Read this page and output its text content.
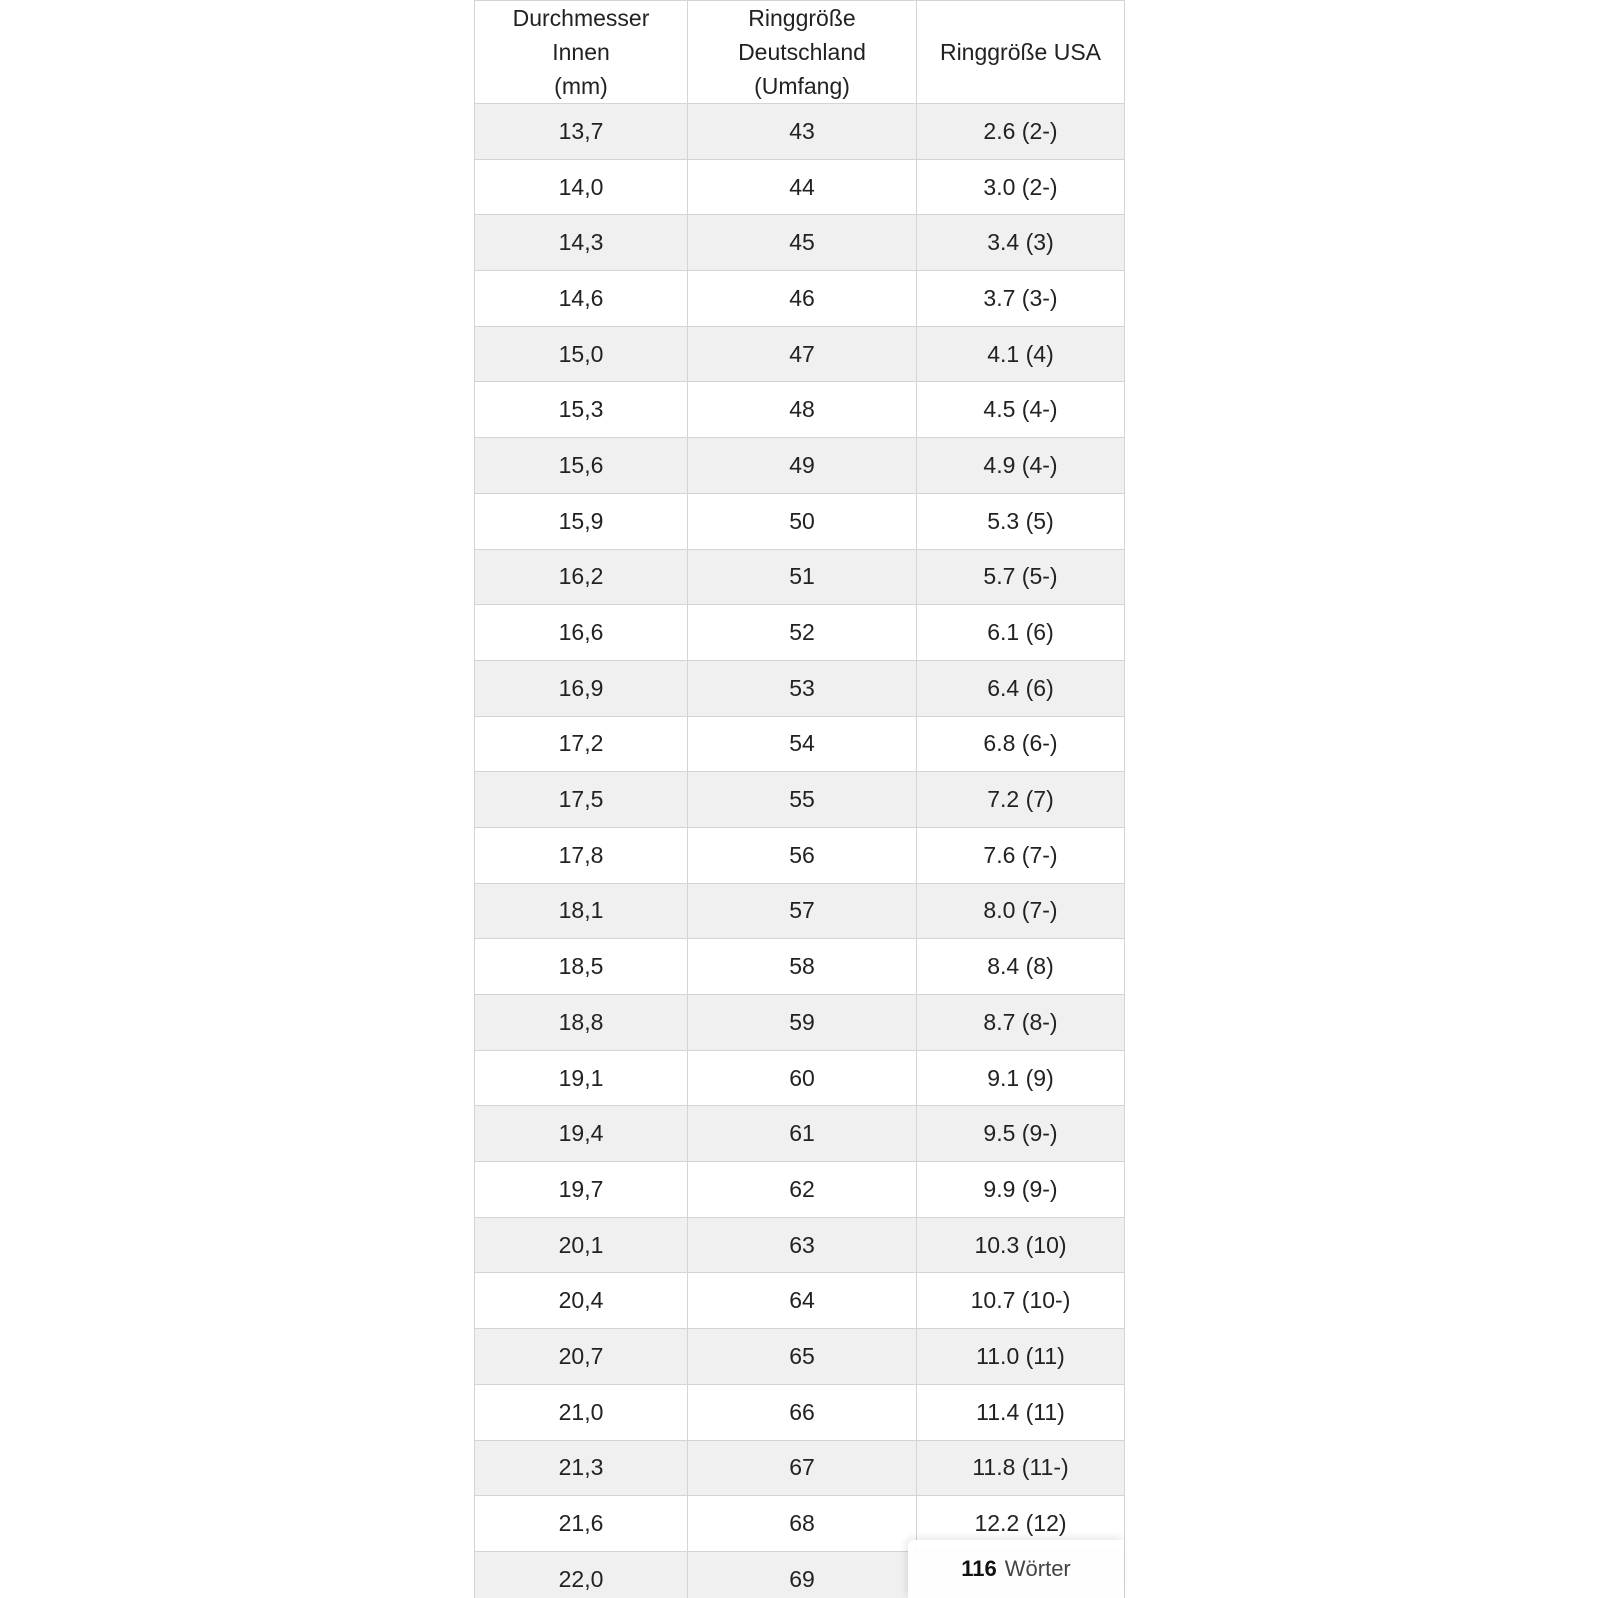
Durchmesser
Innen
(mm)	Ringgröße
Deutschland
(Umfang)	Ringgröße USA

13,7	43	2.6 (2-)
14,0	44	3.0 (2-)
14,3	45	3.4 (3)
14,6	46	3.7 (3-)
15,0	47	4.1 (4)
15,3	48	4.5 (4-)
15,6	49	4.9 (4-)
15,9	50	5.3 (5)
16,2	51	5.7 (5-)
16,6	52	6.1 (6)
16,9	53	6.4 (6)
17,2	54	6.8 (6-)
17,5	55	7.2 (7)
17,8	56	7.6 (7-)
18,1	57	8.0 (7-)
18,5	58	8.4 (8)
18,8	59	8.7 (8-)
19,1	60	9.1 (9)
19,4	61	9.5 (9-)
19,7	62	9.9 (9-)
20,1	63	10.3 (10)
20,4	64	10.7 (10-)
20,7	65	11.0 (11)
21,0	66	11.4 (11)
21,3	67	11.8 (11-)
21,6	68	12.2 (12)
22,0	69		116 Wörter
